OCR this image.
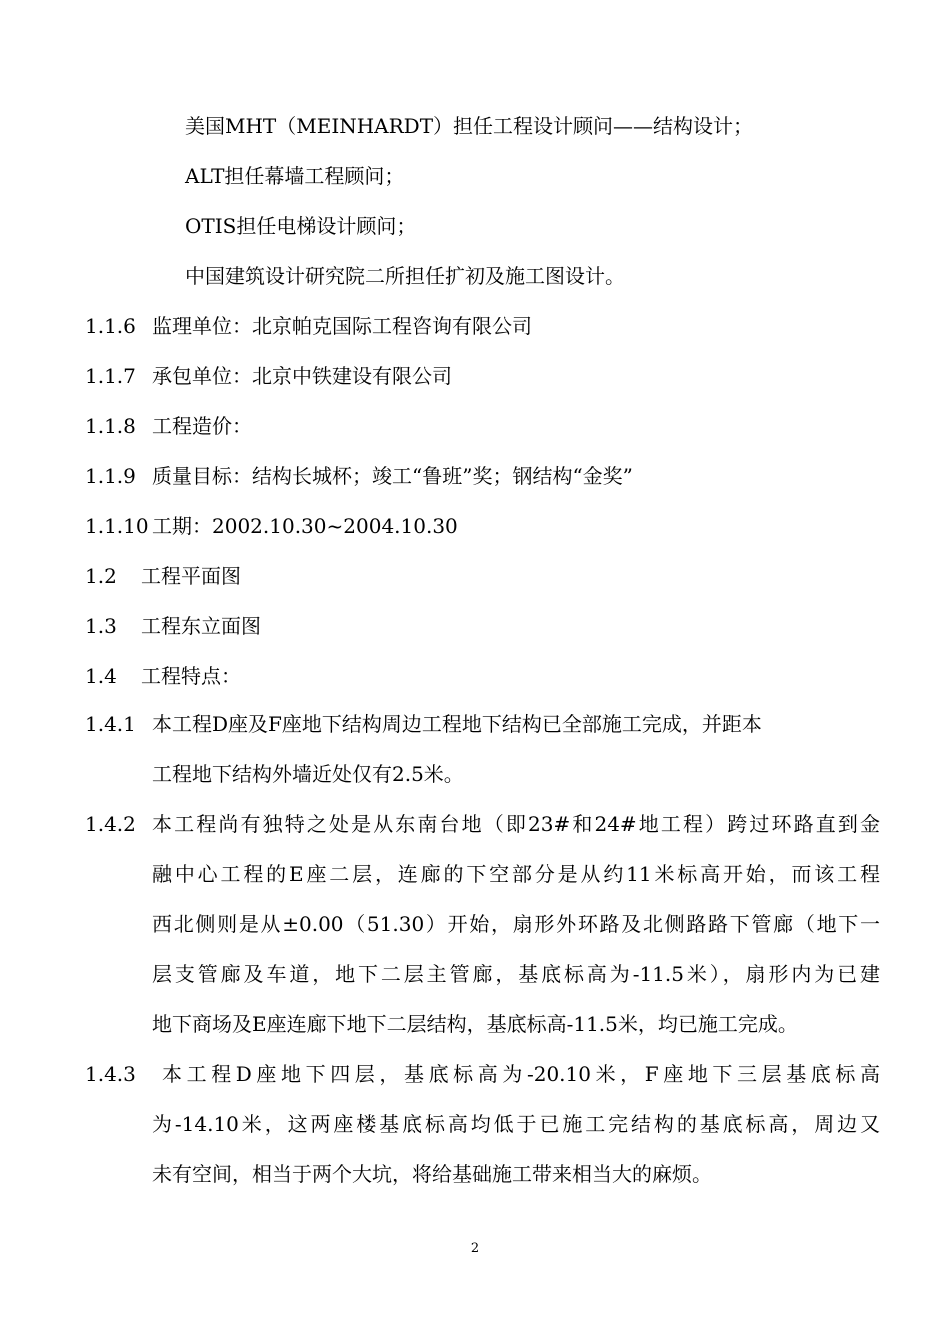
美国MHT（MEINHARDT）担任工程设计顾问——结构设计；
ALT担任幕墙工程顾问；
OTIS担任电梯设计顾问；
中国建筑设计研究院二所担任扩初及施工图设计。
1.1.6 监理单位：北京帕克国际工程咨询有限公司
1.1.7 承包单位：北京中铁建设有限公司
1.1.8 工程造价：
1.1.9 质量目标：结构长城杯；竣工“鲁班”奖；钢结构“金奖”
1.1.10 工期：2002.10.30~2004.10.30
1.2 工程平面图
1.3 工程东立面图
1.4 工程特点：
1.4.1 本工程D座及F座地下结构周边工程地下结构已全部施工完成，并距本
工程地下结构外墙近处仅有2.5米。
1.4.2 本工程尚有独特之处是从东南台地（即23#和24#地工程）跨过环路直到金
融中心工程的E座二层，连廊的下空部分是从约11米标高开始，而该工程
西北侧则是从±0.00（51.30）开始，扇形外环路及北侧路路下管廊（地下一
层支管廊及车道，地下二层主管廊，基底标高为-11.5米），扇形内为已建
地下商场及E座连廊下地下二层结构，基底标高-11.5米，均已施工完成。
1.4.3 本工程D座地下四层，基底标高为-20.10米，F座地下三层基底标高
为-14.10米，这两座楼基底标高均低于已施工完结构的基底标高，周边又
未有空间，相当于两个大坑，将给基础施工带来相当大的麻烦。
2
